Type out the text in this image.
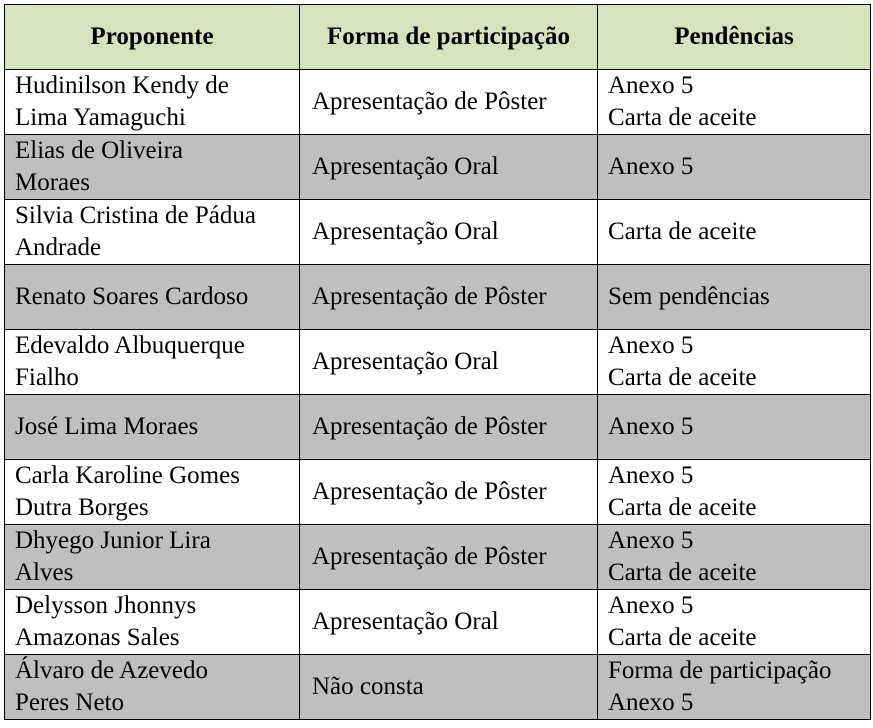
Proponente	Forma de participação	Pendências

Hudinilson Kendy de
Lima Yamaguchi	Apresentação de Pôster	Anexo 5
Carta de aceite

Elias de Oliveira
Moraes	Apresentação Oral	Anexo 5

Silvia Cristina de Pádua
Andrade	Apresentação Oral	Carta de aceite

Renato Soares Cardoso	Apresentação de Pôster	Sem pendências

Edevaldo Albuquerque
Fialho	Apresentação Oral	Anexo 5
Carta de aceite

José Lima Moraes	Apresentação de Pôster	Anexo 5

Carla Karoline Gomes
Dutra Borges	Apresentação de Pôster	Anexo 5
Carta de aceite

Dhyego Junior Lira
Alves	Apresentação de Pôster	Anexo 5
Carta de aceite

Delysson Jhonnys
Amazonas Sales	Apresentação Oral	Anexo 5
Carta de aceite

Álvaro de Azevedo
Peres Neto	Não consta	Forma de participação
Anexo 5
